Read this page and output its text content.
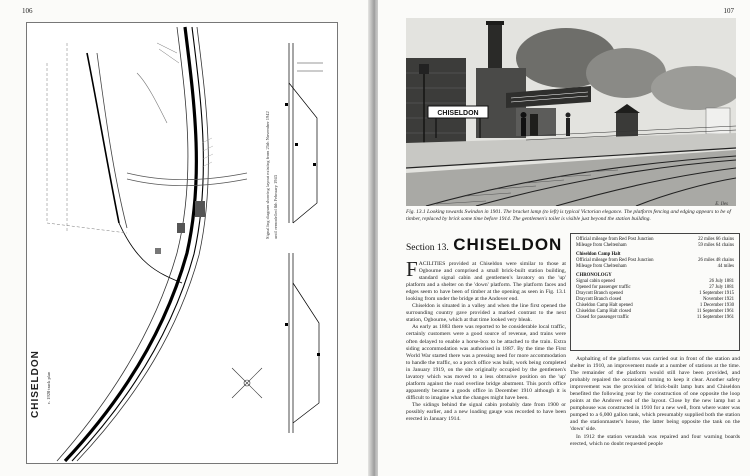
106
Signalling diagram showing layout existing from 25th November 1942 until remodelled 8th February 1943
CHISELDON c. 1920 track plan
107
CHISELDON
E. Iles
Fig. 13.1 Looking towards Swindon in 1901. The bracket lamp (to left) is typical Victorian elegance. The platform fencing and edging appears to be of timber, replaced by brick some time before 1914. The gentlemen's toilet is visible just beyond the station building.
Section 13. CHISELDON	Official mileage from Red Post Junction	22 miles 66 chains
Mileage from Cheltenham	59 miles 64 chains
Chiseldon Camp Halt
Official mileage from Red Post Junction	26 miles 48 chains
Mileage from Cheltenham	44 miles
CHRONOLOGY
Signal cabin opened	26 July 1881
Opened for passenger traffic	27 July 1881
Draycott Branch opened	1 September 1915
Draycott Branch closed	November 1921
Chiseldon Camp Halt opened	1 December 1930
Chiseldon Camp Halt closed	11 September 1961
Closed for passenger traffic	11 September 1961

FACILITIES provided at Chiseldon were similar to those at Ogbourne and comprised a small brick-built station building, standard signal cabin and gentlemen's lavatory on the 'up' platform and a shelter on the 'down' platform. The platform faces and edges seem to have been of timber at the opening as seen in Fig. 13.1 looking from under the bridge at the Andover end.

Chiseldon is situated in a valley and when the line first opened the surrounding country gave provided a marked contrast to the next station, Ogbourne, which at that time looked very bleak.

As early as 1883 there was reported to be considerable local traffic, certainly customers were a good source of revenue, and trains were often delayed to enable a horse-box to be attached to the train. Extra siding accommodation was authorised in 1887. By the time the First World War started there was a pressing need for more accommodation to handle the traffic, so a porch office was built, work being completed in January 1919, on the site originally occupied by the gentlemen's lavatory which was moved to a less obtrusive position on the 'up' platform against the road overline bridge abutment. This porch office apparently became a goods office in December 1910 although it is difficult to imagine what the changes might have been.

The sidings behind the signal cabin probably date from 1900 or possibly earlier, and a new loading gauge was recorded to have been erected in January 1914.

Asphalting of the platforms was carried out in front of the station and shelter in 1910, an improvement made at a number of stations at the time. The remainder of the platform would still have been provided, and probably repaired the occasional turning to keep it clear. Another safety improvement was the provision of brick-built lamp huts and Chiseldon benefited the following year by the construction of one opposite the loop points at the Andover end of the layout. Close by the new lamp hut a pumphouse was constructed in 1910 for a new well, from where water was pumped to a 6,000 gallon tank, which presumably supplied both the station and the stationmaster's house, the latter being opposite the tank on the 'down' side.

In 1912 the station verandah was repaired and four warning boards erected, which no doubt requested people
